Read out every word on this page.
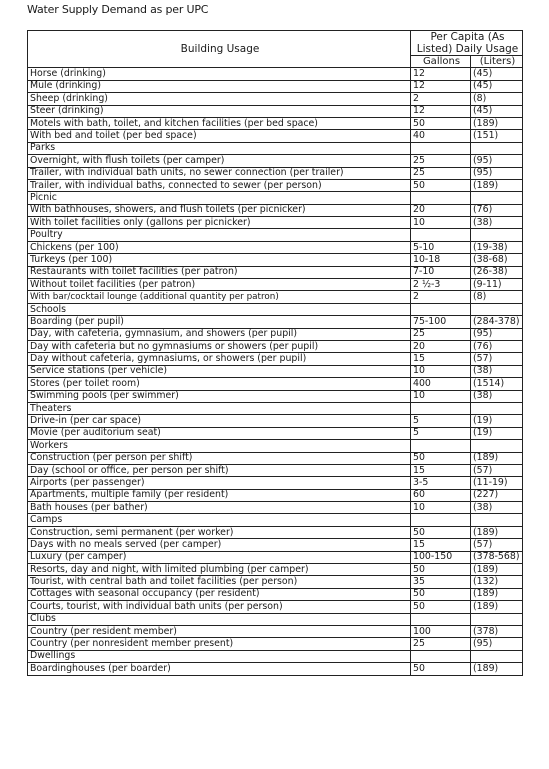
Water Supply Demand as per UPC
Building Usage	Per Capita (As
Listed) Daily Usage	
	Gallons	(Liters)
Horse (drinking)	12	(45)
Mule (drinking)	12	(45)
Sheep (drinking)	2	(8)
Steer (drinking)	12	(45)
Motels with bath, toilet, and kitchen facilities (per bed space)	50	(189)
With bed and toilet (per bed space)	40	(151)
Parks		
Overnight, with flush toilets (per camper)	25	(95)
Trailer, with individual bath units, no sewer connection (per trailer)	25	(95)
Trailer, with individual baths, connected to sewer (per person)	50	(189)
Picnic		
With bathhouses, showers, and flush toilets (per picnicker)	20	(76)
With toilet facilities only (gallons per picnicker)	10	(38)
Poultry		
Chickens (per 100)	5-10	(19-38)
Turkeys (per 100)	10-18	(38-68)
Restaurants with toilet facilities (per patron)	7-10	(26-38)
Without toilet facilities (per patron)	2 ½-3	(9-11)
With bar/cocktail lounge (additional quantity per patron)	2	(8)
Schools		
Boarding (per pupil)	75-100	(284-378)
Day, with cafeteria, gymnasium, and showers (per pupil)	25	(95)
Day with cafeteria but no gymnasiums or showers (per pupil)	20	(76)
Day without cafeteria, gymnasiums, or showers (per pupil)	15	(57)
Service stations (per vehicle)	10	(38)
Stores (per toilet room)	400	(1514)
Swimming pools (per swimmer)	10	(38)
Theaters		
Drive-in (per car space)	5	(19)
Movie (per auditorium seat)	5	(19)
Workers		
Construction (per person per shift)	50	(189)
Day (school or office, per person per shift)	15	(57)
Airports (per passenger)	3-5	(11-19)
Apartments, multiple family (per resident)	60	(227)
Bath houses (per bather)	10	(38)
Camps		
Construction, semi permanent (per worker)	50	(189)
Days with no meals served (per camper)	15	(57)
Luxury (per camper)	100-150	(378-568)
Resorts, day and night, with limited plumbing (per camper)	50	(189)
Tourist, with central bath and toilet facilities (per person)	35	(132)
Cottages with seasonal occupancy (per resident)	50	(189)
Courts, tourist, with individual bath units (per person)	50	(189)
Clubs		
Country (per resident member)	100	(378)
Country (per nonresident member present)	25	(95)
Dwellings		
Boardinghouses (per boarder)	50	(189)
